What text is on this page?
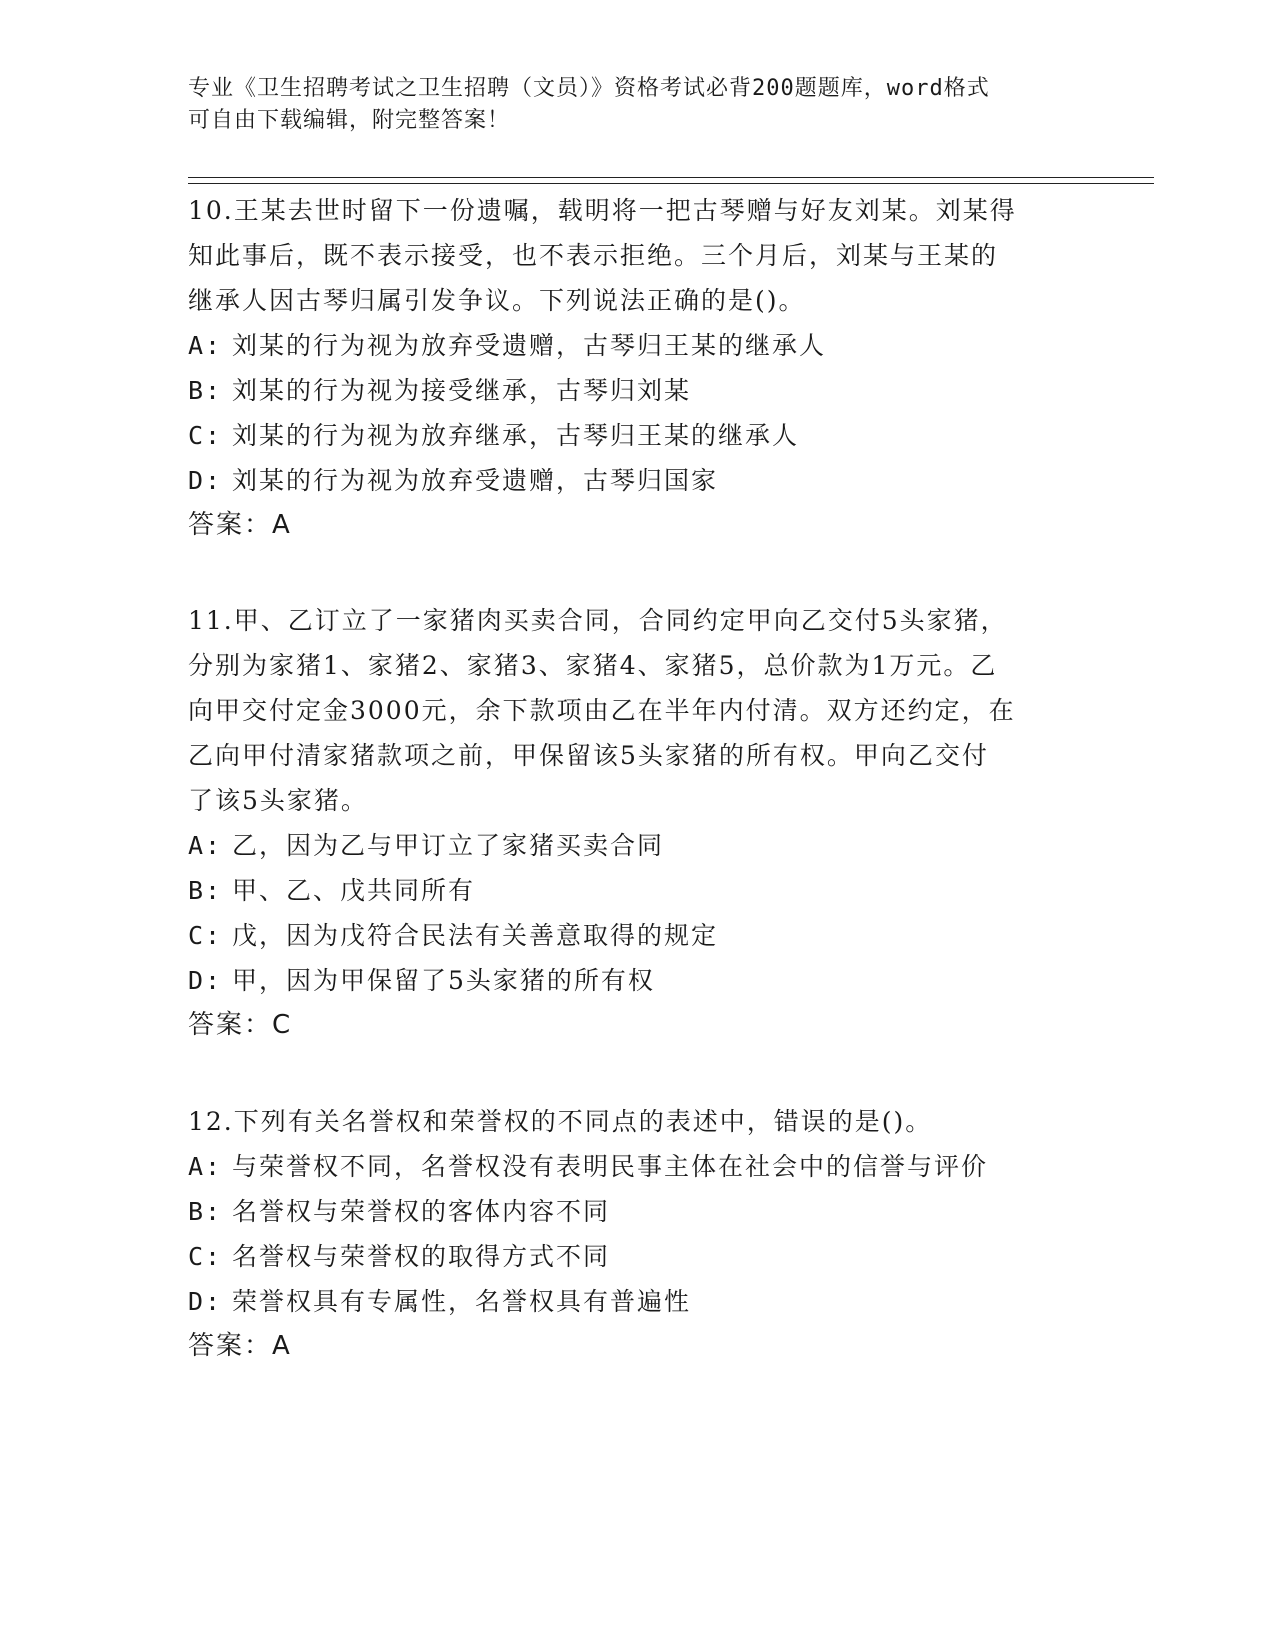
专业《卫生招聘考试之卫生招聘（文员）》资格考试必背200题题库，word格式
可自由下载编辑，附完整答案！
10.王某去世时留下一份遗嘱，载明将一把古琴赠与好友刘某。刘某得
知此事后，既不表示接受，也不表示拒绝。三个月后，刘某与王某的
继承人因古琴归属引发争议。下列说法正确的是()。
A: 刘某的行为视为放弃受遗赠，古琴归王某的继承人
B: 刘某的行为视为接受继承，古琴归刘某
C: 刘某的行为视为放弃继承，古琴归王某的继承人
D: 刘某的行为视为放弃受遗赠，古琴归国家
答案：A
11.甲、乙订立了一家猪肉买卖合同，合同约定甲向乙交付5头家猪，
分别为家猪1、家猪2、家猪3、家猪4、家猪5，总价款为1万元。乙
向甲交付定金3000元，余下款项由乙在半年内付清。双方还约定，在
乙向甲付清家猪款项之前，甲保留该5头家猪的所有权。甲向乙交付
了该5头家猪。
A: 乙，因为乙与甲订立了家猪买卖合同
B: 甲、乙、戊共同所有
C: 戊，因为戊符合民法有关善意取得的规定
D: 甲，因为甲保留了5头家猪的所有权
答案：C
12.下列有关名誉权和荣誉权的不同点的表述中，错误的是()。
A: 与荣誉权不同，名誉权没有表明民事主体在社会中的信誉与评价
B: 名誉权与荣誉权的客体内容不同
C: 名誉权与荣誉权的取得方式不同
D: 荣誉权具有专属性，名誉权具有普遍性
答案：A
